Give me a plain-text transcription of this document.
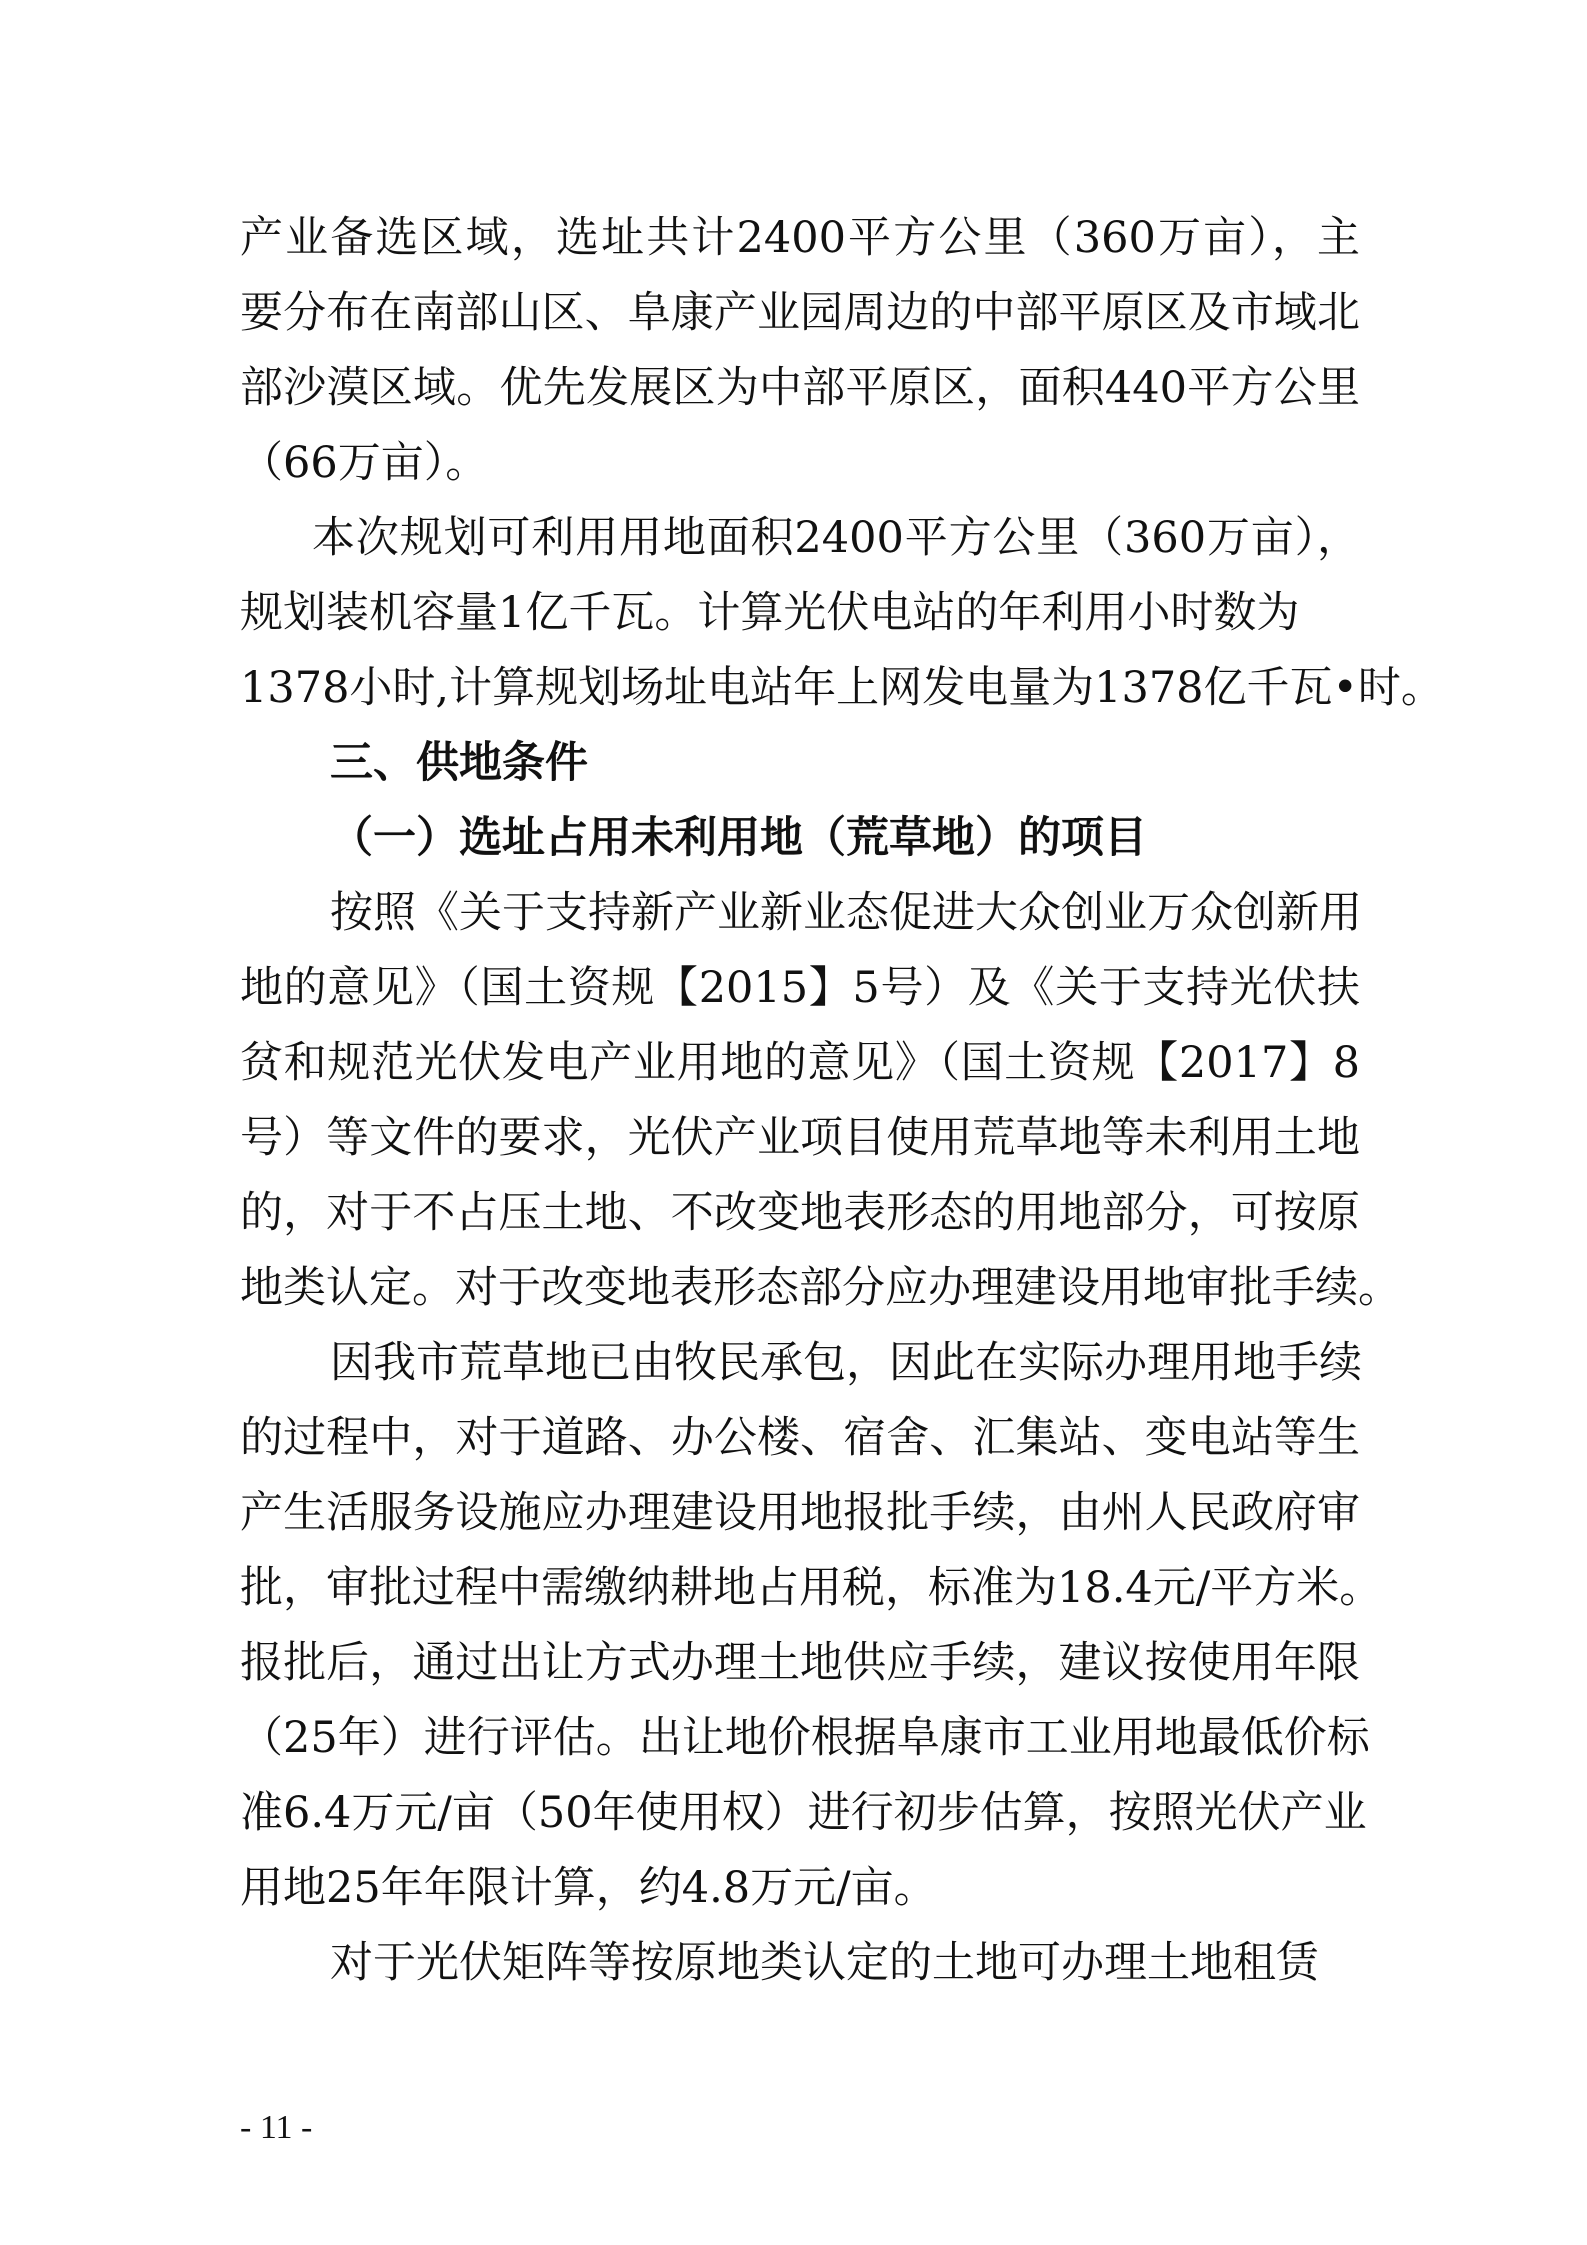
产业备选区域，选址共计2400平方公里（360万亩），主
要分布在南部山区、阜康产业园周边的中部平原区及市域北
部沙漠区域。优先发展区为中部平原区，面积440平方公里
（66万亩）。
本次规划可利用用地面积2400平方公里（360万亩），
规划装机容量1亿千瓦。计算光伏电站的年利用小时数为
1378小时,计算规划场址电站年上网发电量为1378亿千瓦•时。
三、供地条件
（一）选址占用未利用地（荒草地）的项目
按照《关于支持新产业新业态促进大众创业万众创新用
地的意见》（国土资规【2015】5号）及《关于支持光伏扶
贫和规范光伏发电产业用地的意见》（国土资规【2017】8
号）等文件的要求，光伏产业项目使用荒草地等未利用土地
的，对于不占压土地、不改变地表形态的用地部分，可按原
地类认定。对于改变地表形态部分应办理建设用地审批手续。
因我市荒草地已由牧民承包，因此在实际办理用地手续
的过程中，对于道路、办公楼、宿舍、汇集站、变电站等生
产生活服务设施应办理建设用地报批手续，由州人民政府审
批，审批过程中需缴纳耕地占用税，标准为18.4元/平方米。
报批后，通过出让方式办理土地供应手续，建议按使用年限
（25年）进行评估。出让地价根据阜康市工业用地最低价标
准6.4万元/亩（50年使用权）进行初步估算，按照光伏产业
用地25年年限计算，约4.8万元/亩。
对于光伏矩阵等按原地类认定的土地可办理土地租赁
- 11 -
